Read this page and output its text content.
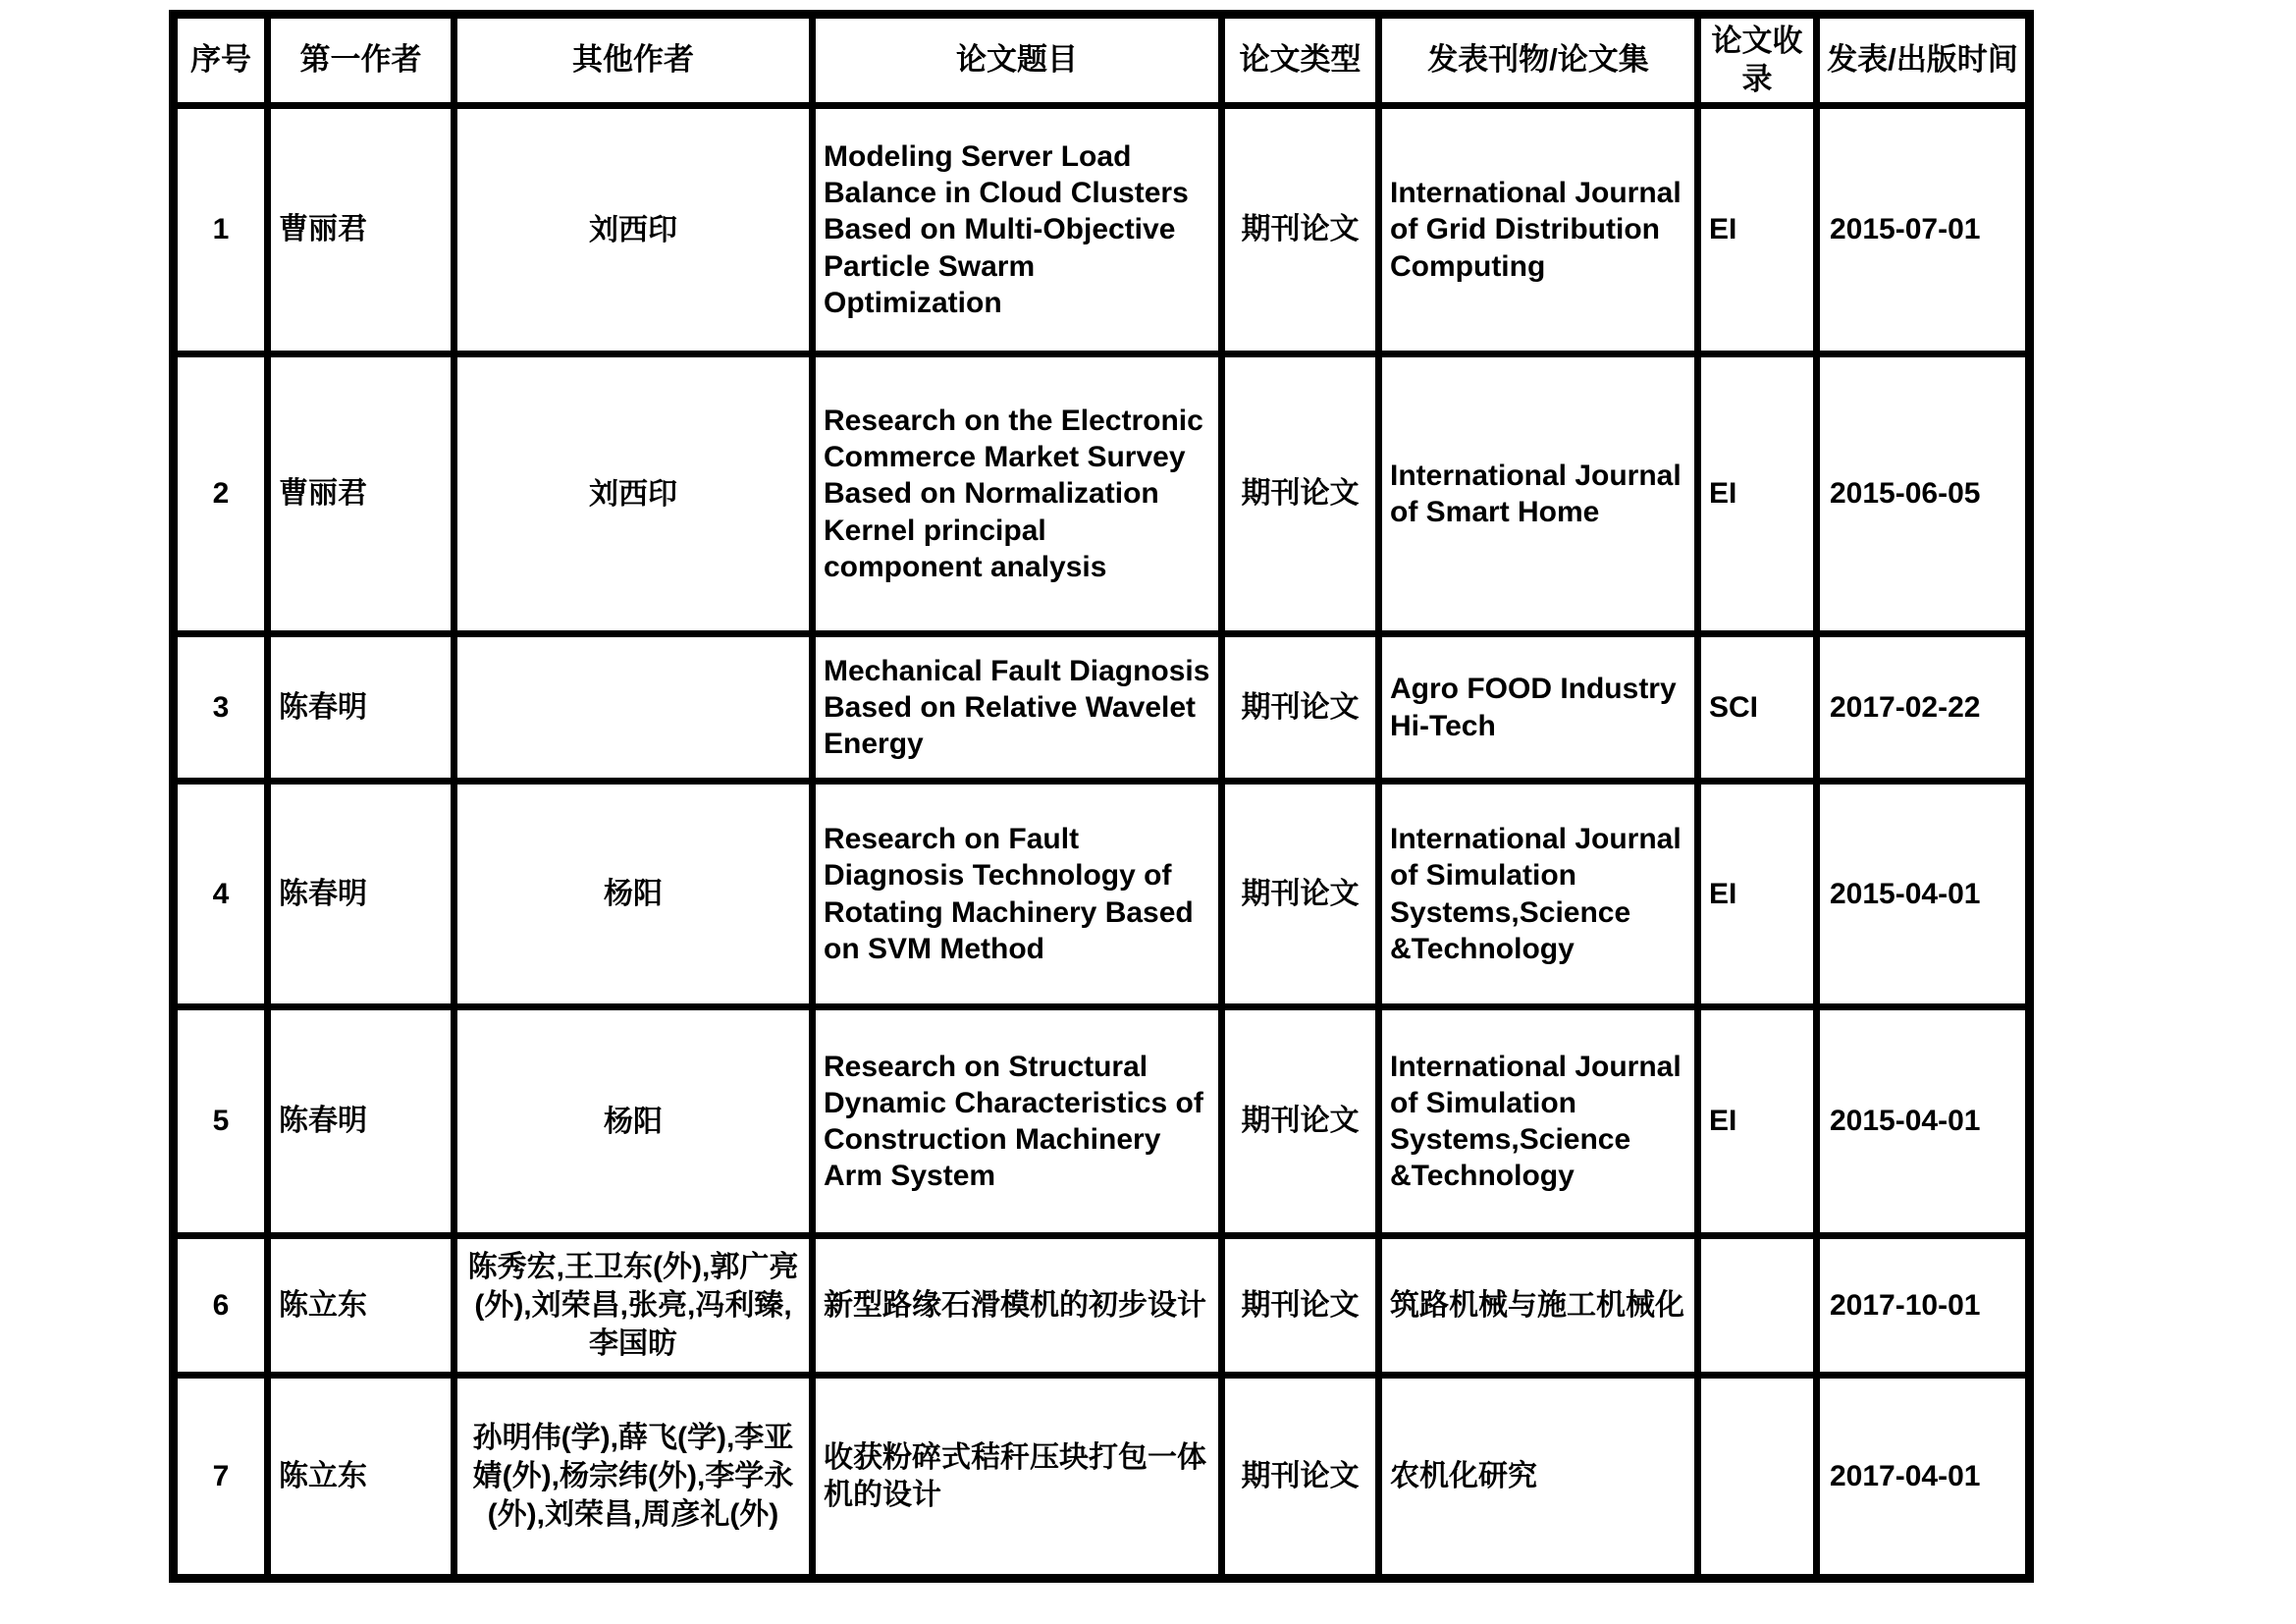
序号	第一作者	其他作者	论文题目	论文类型	发表刊物/论文集	论文收录	发表/出版时间
1	曹丽君	刘西印	Modeling Server Load Balance in Cloud Clusters Based on Multi-Objective Particle Swarm Optimization	期刊论文	International Journal of Grid Distribution Computing	EI	2015-07-01
2	曹丽君	刘西印	Research on the Electronic Commerce Market Survey Based on Normalization Kernel principal component analysis	期刊论文	International Journal of Smart Home	EI	2015-06-05
3	陈春明		Mechanical Fault Diagnosis Based on Relative Wavelet Energy	期刊论文	Agro FOOD Industry Hi-Tech	SCI	2017-02-22
4	陈春明	杨阳	Research on Fault Diagnosis Technology of Rotating Machinery Based on SVM Method	期刊论文	International Journal of Simulation Systems,Science &Technology	EI	2015-04-01
5	陈春明	杨阳	Research on Structural Dynamic Characteristics of Construction Machinery Arm System	期刊论文	International Journal of Simulation Systems,Science &Technology	EI	2015-04-01
6	陈立东	陈秀宏,王卫东(外),郭广亮(外),刘荣昌,张亮,冯利臻,李国昉	新型路缘石滑模机的初步设计	期刊论文	筑路机械与施工机械化		2017-10-01
7	陈立东	孙明伟(学),薛飞(学),李亚婧(外),杨宗纬(外),李学永(外),刘荣昌,周彦礼(外)	收获粉碎式秸秆压块打包一体机的设计	期刊论文	农机化研究		2017-04-01
